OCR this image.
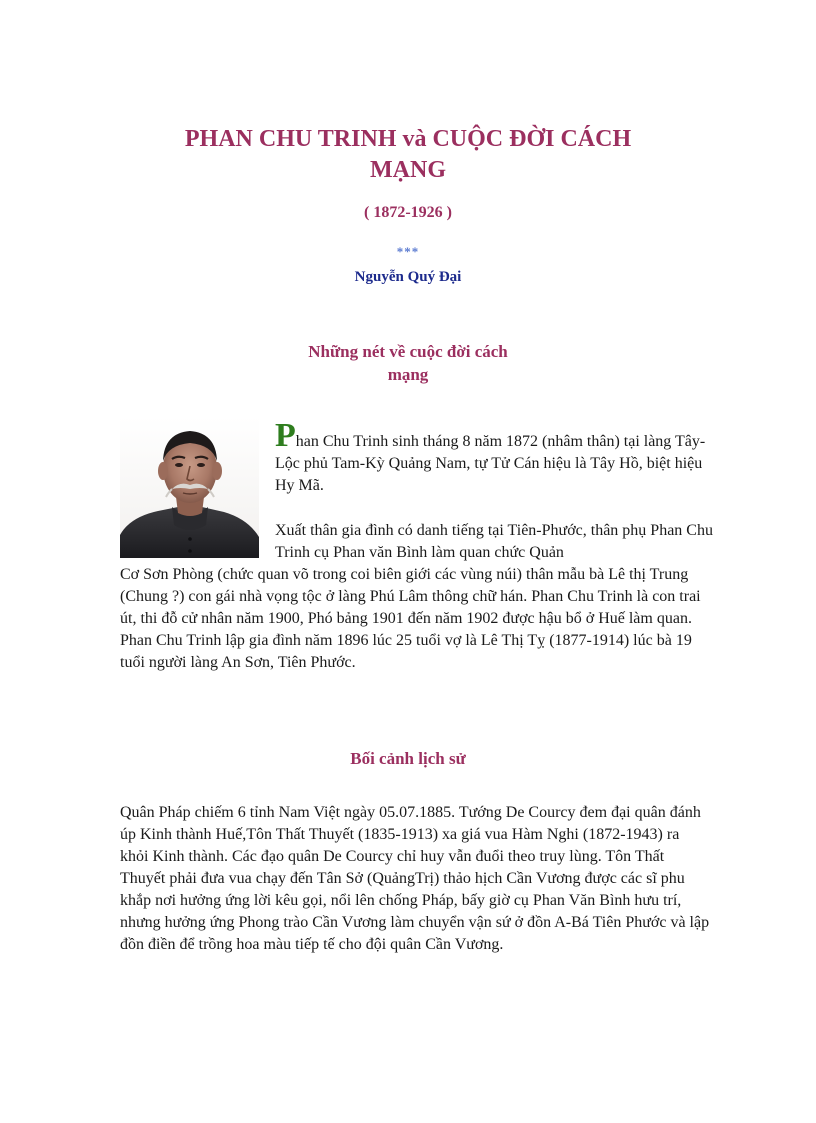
PHAN CHU TRINH và CUỘC ĐỜI CÁCH MẠNG
( 1872-1926 )
***
Nguyễn Quý Đại
Những nét về cuộc đời cách
mạng

Phan Chu Trinh sinh tháng 8 năm 1872 (nhâm thân) tại làng Tây-Lộc phủ Tam-Kỳ Quảng Nam, tự Tử Cán hiệu là Tây Hồ, biệt hiệu Hy Mã.

Xuất thân gia đình có danh tiếng tại Tiên-Phước, thân phụ Phan Chu Trinh cụ Phan văn Bình làm quan chức Quản

Cơ Sơn Phòng (chức quan võ trong coi biên giới các vùng núi) thân mẫu bà Lê thị Trung (Chung ?) con gái nhà vọng tộc ở làng Phú Lâm thông chữ hán. Phan Chu Trinh là con trai út, thi đỗ cử nhân năm 1900, Phó bảng 1901 đến năm 1902 được hậu bổ ở Huế làm quan. Phan Chu Trinh lập gia đình năm 1896 lúc 25 tuổi vợ là Lê Thị Tỵ (1877-1914) lúc bà 19 tuổi người làng An Sơn, Tiên Phước.

Bối cảnh lịch sử

Quân Pháp chiếm 6 tỉnh Nam Việt ngày 05.07.1885. Tướng De Courcy đem đại quân đánh úp Kinh thành Huế,Tôn Thất Thuyết (1835-1913) xa giá vua Hàm Nghi (1872-1943) ra khỏi Kinh thành. Các đạo quân De Courcy chỉ huy vẫn đuổi theo truy lùng. Tôn Thất Thuyết phải đưa vua chạy đến Tân Sở (QuảngTrị) thảo hịch Cần Vương được các sĩ phu khắp nơi hưởng ứng lời kêu gọi, nổi lên chống Pháp, bấy giờ cụ Phan Văn Bình hưu trí, nhưng hưởng ứng Phong trào Cần Vương làm chuyển vận sứ ở đồn A-Bá Tiên Phước và lập đồn điền để trồng hoa màu tiếp tế cho đội quân Cần Vương.
